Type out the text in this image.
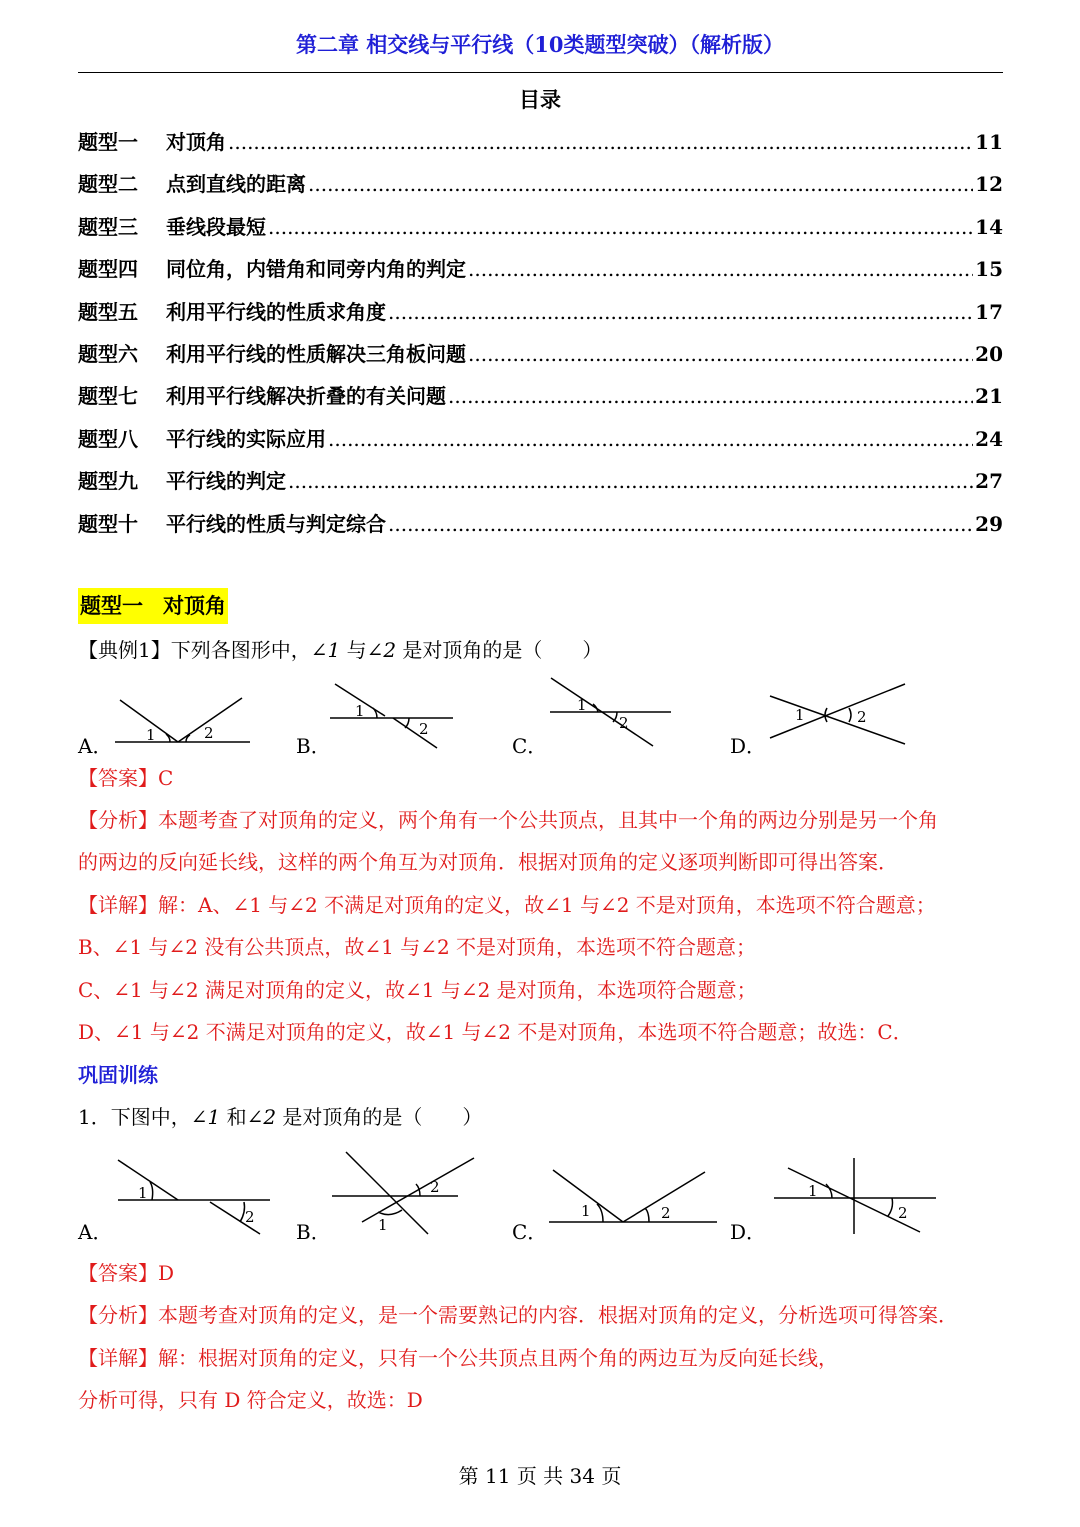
第二章 相交线与平行线（10类题型突破）（解析版）
目录
题型一	对顶角 .....	11
题型二	点到直线的距离 .....	12
题型三	垂线段最短 .....	14
题型四	同位角，内错角和同旁内角的判定 .....	15
题型五	利用平行线的性质求角度 .....	17
题型六	利用平行线的性质解决三角板问题 .....	20
题型七	利用平行线解决折叠的有关问题 .....	21
题型八	平行线的实际应用 .....	24
题型九	平行线的判定 .....	27
题型十	平行线的性质与判定综合 .....	29
题型一 对顶角
【典例1】下列各图形中，∠1 与∠2 是对顶角的是（　　）
A． 1	2
B．
1
2
C．
1
2
D．
1	2
【答案】C
【分析】本题考查了对顶角的定义，两个角有一个公共顶点，且其中一个角的两边分别是另一个角
的两边的反向延长线，这样的两个角互为对顶角．根据对顶角的定义逐项判断即可得出答案．
【详解】解：A、∠1 与∠2 不满足对顶角的定义，故∠1 与∠2 不是对顶角，本选项不符合题意；
B、∠1 与∠2 没有公共顶点，故∠1 与∠2 不是对顶角，本选项不符合题意；
C、∠1 与∠2 满足对顶角的定义，故∠1 与∠2 是对顶角，本选项符合题意；
D、∠1 与∠2 不满足对顶角的定义，故∠1 与∠2 不是对顶角，本选项不符合题意；故选：C．
巩固训练
1．下图中，∠1 和∠2 是对顶角的是（　　）
A．
1
2
B．	1
2
C．
1	2
D．
1
2
【答案】D
【分析】本题考查对顶角的定义，是一个需要熟记的内容．根据对顶角的定义，分析选项可得答案．
【详解】解：根据对顶角的定义，只有一个公共顶点且两个角的两边互为反向延长线，
分析可得，只有 D 符合定义，故选：D
第 11 页 共 34 页
